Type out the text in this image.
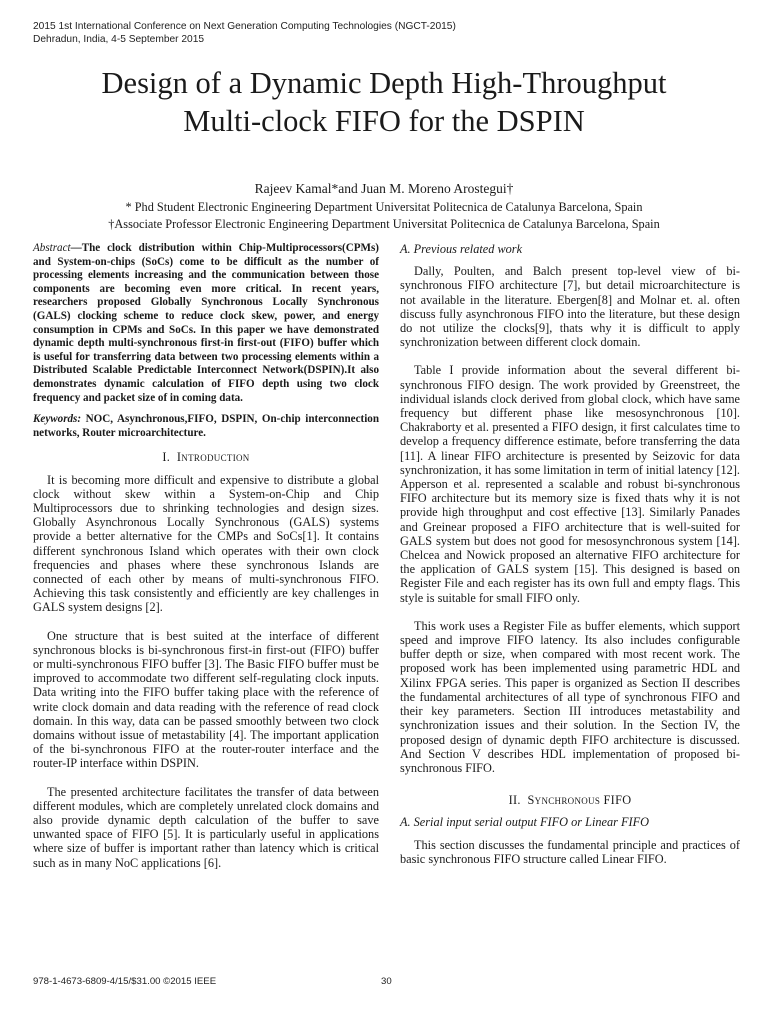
2015 1st International Conference on Next Generation Computing Technologies (NGCT-2015)
Dehradun, India, 4-5 September 2015
Design of a Dynamic Depth High-Throughput
Multi-clock FIFO for the DSPIN
Rajeev Kamal*and Juan M. Moreno Arostegui†
* Phd Student Electronic Engineering Department Universitat Politecnica de Catalunya Barcelona, Spain
†Associate Professor Electronic Engineering Department Universitat Politecnica de Catalunya Barcelona, Spain

Abstract—The clock distribution within Chip-Multiprocessors(CPMs) and System-on-chips (SoCs) come to be difficult as the number of processing elements increasing and the communication between those components are becoming even more critical. In recent years, researchers proposed Globally Synchronous Locally Synchronous (GALS) clocking scheme to reduce clock skew, power, and energy consumption in CPMs and SoCs. In this paper we have demonstrated dynamic depth multi-synchronous first-in first-out (FIFO) buffer which is useful for transferring data between two processing elements within a Distributed Scalable Predictable Interconnect Network(DSPIN).It also demonstrates dynamic calculation of FIFO depth using two clock frequency and packet size of in coming data.

Keywords: NOC, Asynchronous,FIFO, DSPIN, On-chip interconnection networks, Router microarchitecture.

I. Introduction

It is becoming more difficult and expensive to distribute a global clock without skew within a System-on-Chip and Chip Multiprocessors due to shrinking technologies and design sizes. Globally Asynchronous Locally Synchronous (GALS) systems provide a better alternative for the CMPs and SoCs[1]. It contains different synchronous Island which operates with their own clock frequencies and phases where these synchronous Islands are connected of each other by means of multi-synchronous FIFO. Achieving this task consistently and efficiently are key challenges in GALS system designs [2].

One structure that is best suited at the interface of different synchronous blocks is bi-synchronous first-in first-out (FIFO) buffer or multi-synchronous FIFO buffer [3]. The Basic FIFO buffer must be improved to accommodate two different self-regulating clock inputs. Data writing into the FIFO buffer taking place with the reference of write clock domain and data reading with the reference of read clock domain. In this way, data can be passed smoothly between two clock domains without issue of metastability [4]. The important application of the bi-synchronous FIFO at the router-router interface and the router-IP interface within DSPIN.

The presented architecture facilitates the transfer of data between different modules, which are completely unrelated clock domains and also provide dynamic depth calculation of the buffer to save unwanted space of FIFO [5]. It is particularly useful in applications where size of buffer is important rather than latency which is critical such as in many NoC applications [6].

A. Previous related work

Dally, Poulten, and Balch present top-level view of bi-synchronous FIFO architecture [7], but detail microarchitecture is not available in the literature. Ebergen[8] and Molnar et. al. often discuss fully asynchronous FIFO into the literature, but these design do not utilize the clocks[9], thats why it is difficult to apply synchronization between different clock domain.

Table I provide information about the several different bi-synchronous FIFO design. The work provided by Greenstreet, the individual islands clock derived from global clock, which have same frequency but different phase like mesosynchronous [10]. Chakraborty et al. presented a FIFO design, it first calculates time to develop a frequency difference estimate, before transferring the data [11]. A linear FIFO architecture is presented by Seizovic for data synchronization, it has some limitation in term of initial latency [12]. Apperson et al. represented a scalable and robust bi-synchronous FIFO architecture but its memory size is fixed thats why it is not provide high throughput and cost effective [13]. Similarly Panades and Greinear proposed a FIFO architecture that is well-suited for GALS system but does not good for mesosynchronous system [14]. Chelcea and Nowick proposed an alternative FIFO architecture for the application of GALS system [15]. This designed is based on Register File and each register has its own full and empty flags. This style is suitable for small FIFO only.

This work uses a Register File as buffer elements, which support speed and improve FIFO latency. Its also includes configurable buffer depth or size, when compared with most recent work. The proposed work has been implemented using parametric HDL and Xilinx FPGA series. This paper is organized as Section II describes the fundamental architectures of all type of synchronous FIFO and their key parameters. Section III introduces metastability and synchronization issues and their solution. In the Section IV, the proposed design of dynamic depth FIFO architecture is discussed. And Section V describes HDL implementation of proposed bi-synchronous FIFO.

II. Synchronous FIFO
A. Serial input serial output FIFO or Linear FIFO

This section discusses the fundamental principle and practices of basic synchronous FIFO structure called Linear FIFO.

978-1-4673-6809-4/15/$31.00 ©2015 IEEE	30
